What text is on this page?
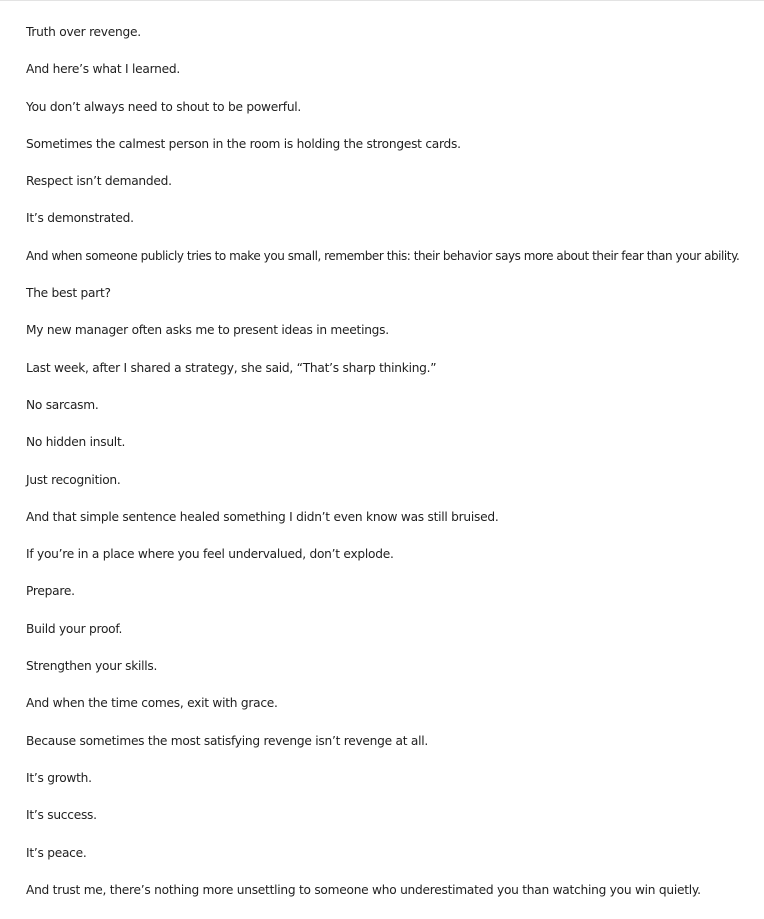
Truth over revenge.

And here’s what I learned.

You don’t always need to shout to be powerful.

Sometimes the calmest person in the room is holding the strongest cards.

Respect isn’t demanded.

It’s demonstrated.

And when someone publicly tries to make you small, remember this: their behavior says more about their fear than your ability.

The best part?

My new manager often asks me to present ideas in meetings.

Last week, after I shared a strategy, she said, “That’s sharp thinking.”

No sarcasm.

No hidden insult.

Just recognition.

And that simple sentence healed something I didn’t even know was still bruised.

If you’re in a place where you feel undervalued, don’t explode.

Prepare.

Build your proof.

Strengthen your skills.

And when the time comes, exit with grace.

Because sometimes the most satisfying revenge isn’t revenge at all.

It’s growth.

It’s success.

It’s peace.

And trust me, there’s nothing more unsettling to someone who underestimated you than watching you win quietly.
